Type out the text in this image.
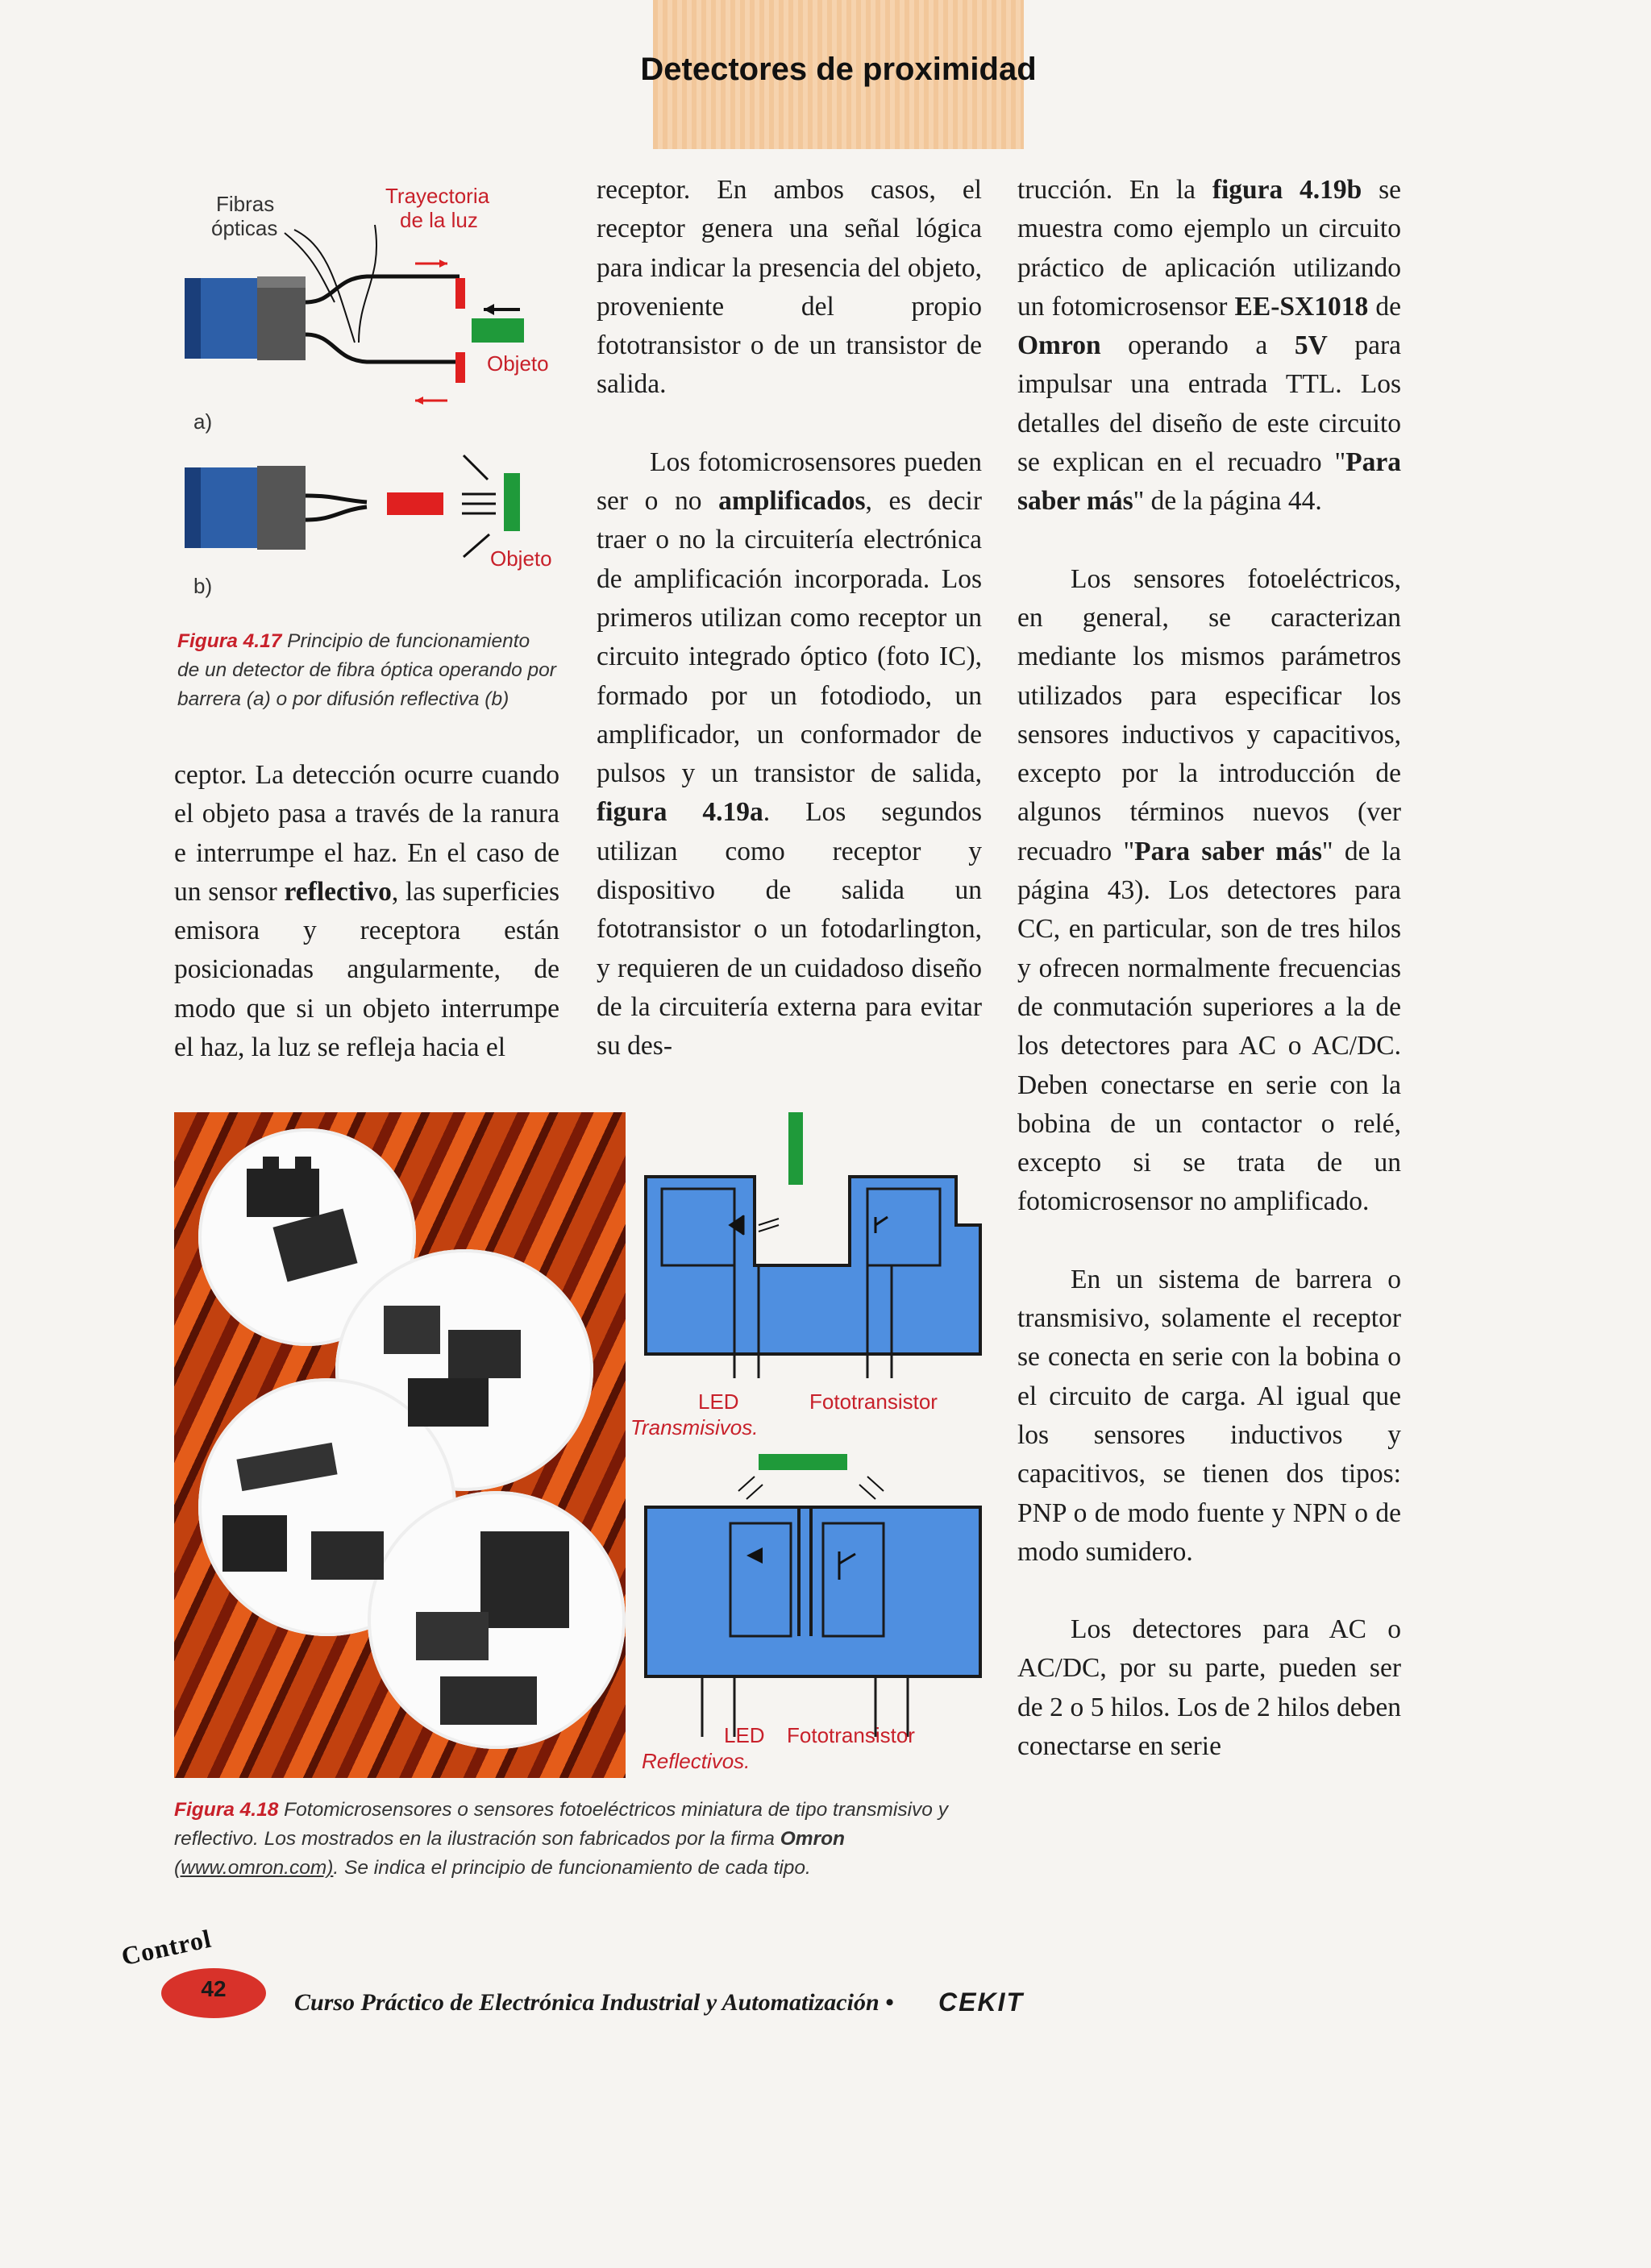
Detectores de proximidad
Fibras
ópticas
Trayectoria
de la luz
Objeto
a)
Objeto
b)
Figura 4.17 Principio de funcionamiento de un detector de fibra óptica operando por barrera (a) o por difusión reflectiva (b)

ceptor. La detección ocurre cuando el objeto pasa a través de la ranura e interrumpe el haz. En el caso de un sensor reflectivo, las superficies emisora y receptora están posicionadas angularmente, de modo que si un objeto interrumpe el haz, la luz se refleja hacia el

receptor. En ambos casos, el receptor genera una señal lógica para indicar la presencia del objeto, proveniente del propio fototransistor o de un transistor de salida.

Los fotomicrosensores pueden ser o no amplificados, es decir traer o no la circuitería electrónica de amplificación incorporada. Los primeros utilizan como receptor un circuito integrado óptico (foto IC), formado por un fotodiodo, un amplificador, un conformador de pulsos y un transistor de salida, figura 4.19a. Los segundos utilizan como receptor y dispositivo de salida un fototransistor o un fotodarlington, y requieren de un cuidadoso diseño de la circuitería externa para evitar su des-

trucción. En la figura 4.19b se muestra como ejemplo un circuito práctico de aplicación utilizando un fotomicrosensor EE-SX1018 de Omron operando a 5V para impulsar una entrada TTL. Los detalles del diseño de este circuito se explican en el recuadro "Para saber más" de la página 44.

Los sensores fotoeléctricos, en general, se caracterizan mediante los mismos parámetros utilizados para especificar los sensores inductivos y capacitivos, excepto por la introducción de algunos términos nuevos (ver recuadro "Para saber más" de la página 43). Los detectores para CC, en particular, son de tres hilos y ofrecen normalmente frecuencias de conmutación superiores a la de los detectores para AC o AC/DC. Deben conectarse en serie con la bobina de un contactor o relé, excepto si se trata de un fotomicrosensor no amplificado.

En un sistema de barrera o transmisivo, solamente el receptor se conecta en serie con la bobina o el circuito de carga. Al igual que los sensores inductivos y capacitivos, se tienen dos tipos: PNP o de modo fuente y NPN o de modo sumidero.

Los detectores para AC o AC/DC, por su parte, pueden ser de 2 o 5 hilos. Los de 2 hilos deben conectarse en serie

LED	Fototransistor
Transmisivos.
LED Fototransistor
Reflectivos.
Figura 4.18 Fotomicrosensores o sensores fotoeléctricos miniatura de tipo transmisivo y reflectivo. Los mostrados en la ilustración son fabricados por la firma Omron (www.omron.com). Se indica el principio de funcionamiento de cada tipo.
Control
42
Curso Práctico de Electrónica Industrial y Automatización • CEKIT
